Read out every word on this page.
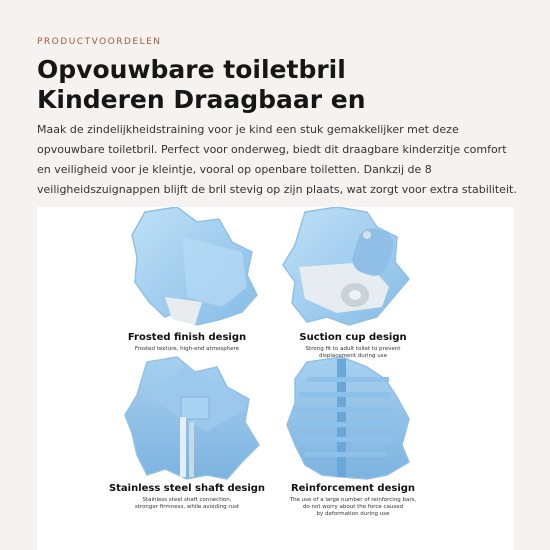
PRODUCTVOORDELEN
Opvouwbare toiletbril
Kinderen Draagbaar en

Maak de zindelijkheidstraining voor je kind een stuk gemakkelijker met deze opvouwbare toiletbril. Perfect voor onderweg, biedt dit draagbare kinderzitje comfort en veiligheid voor je kleintje, vooral op openbare toiletten. Dankzij de 8 veiligheidszuignappen blijft de bril stevig op zijn plaats, wat zorgt voor extra stabiliteit.

Frosted finish design
Frosted texture, high-end atmosphere
Suction cup design
Strong fit to adult toilet to prevent
displacement during use
Stainless steel shaft design
Stainless steel shaft connection,
stronger firmness, while avoiding rust
Reinforcement design
The use of a large number of reinforcing bars,
do not worry about the force caused
by deformation during use
